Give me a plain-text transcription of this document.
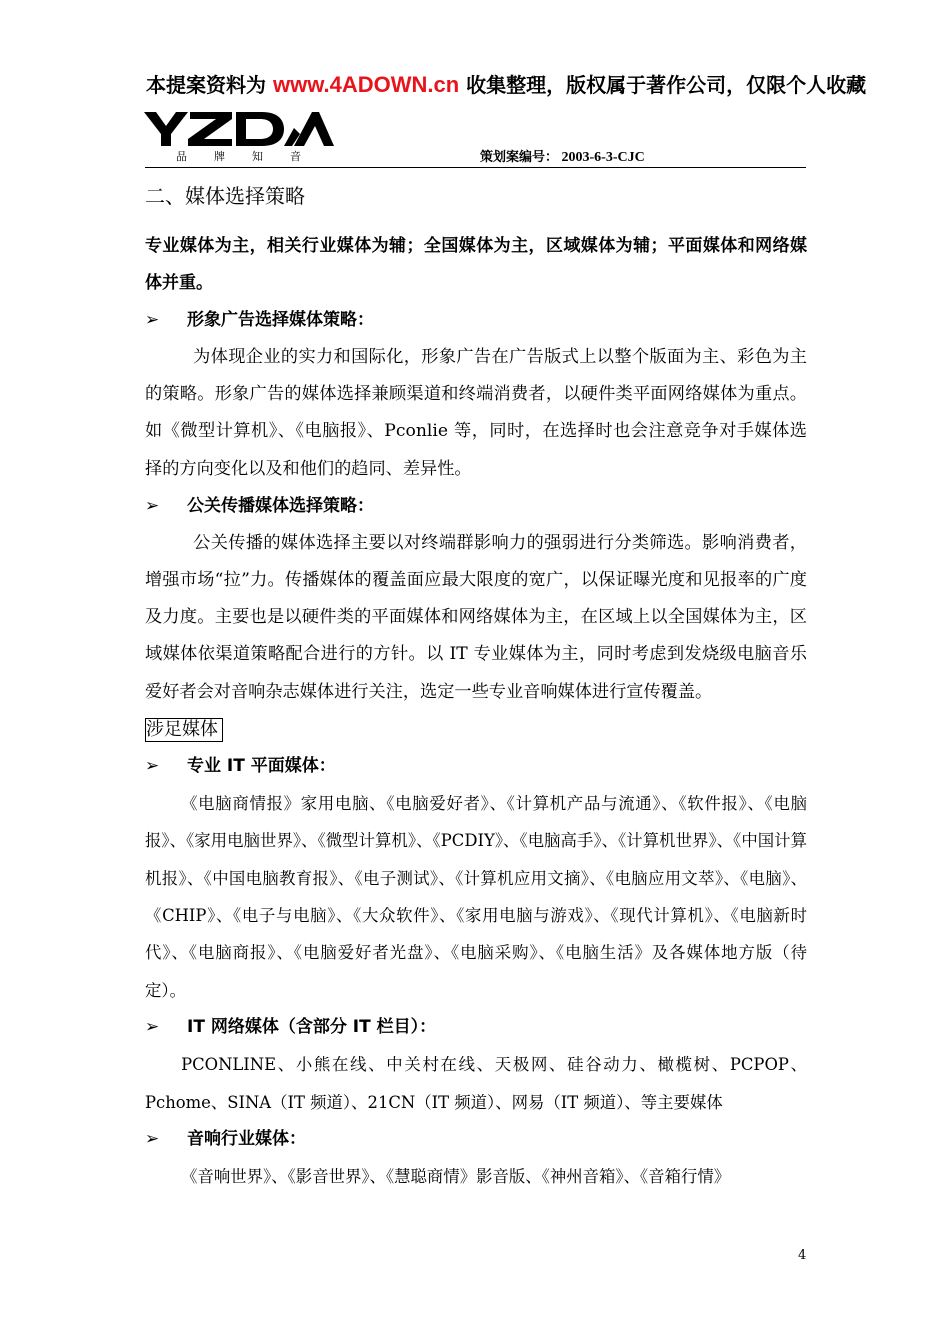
本提案资料为 www.4ADOWN.cn 收集整理，版权属于著作公司，仅限个人收藏
品牌知音	策划案编号： 2003-6-3-CJC
二、媒体选择策略

专业媒体为主，相关行业媒体为辅；全国媒体为主，区域媒体为辅；平面媒体和网络媒体并重。

➢ 形象广告选择媒体策略：

为体现企业的实力和国际化，形象广告在广告版式上以整个版面为主、彩色为主的策略。形象广告的媒体选择兼顾渠道和终端消费者，以硬件类平面网络媒体为重点。如《微型计算机》、《电脑报》、Pconlie 等，同时，在选择时也会注意竞争对手媒体选择的方向变化以及和他们的趋同、差异性。

➢ 公关传播媒体选择策略：

公关传播的媒体选择主要以对终端群影响力的强弱进行分类筛选。影响消费者，增强市场“拉”力。传播媒体的覆盖面应最大限度的宽广，以保证曝光度和见报率的广度及力度。主要也是以硬件类的平面媒体和网络媒体为主，在区域上以全国媒体为主，区域媒体依渠道策略配合进行的方针。以 IT 专业媒体为主，同时考虑到发烧级电脑音乐爱好者会对音响杂志媒体进行关注，选定一些专业音响媒体进行宣传覆盖。

涉足媒体
➢ 专业 IT 平面媒体：

《电脑商情报》家用电脑、《电脑爱好者》、《计算机产品与流通》、《软件报》、《电脑报》、《家用电脑世界》、《微型计算机》、《PCDIY》、《电脑高手》、《计算机世界》、《中国计算机报》、《中国电脑教育报》、《电子测试》、《计算机应用文摘》、《电脑应用文萃》、《电脑》、《CHIP》、《电子与电脑》、《大众软件》、《家用电脑与游戏》、《现代计算机》、《电脑新时代》、《电脑商报》、《电脑爱好者光盘》、《电脑采购》、《电脑生活》及各媒体地方版（待定）。

➢ IT 网络媒体（含部分 IT 栏目）：

PCONLINE、小熊在线、中关村在线、天极网、硅谷动力、橄榄树、PCPOP、Pchome、SINA（IT 频道）、21CN（IT 频道）、网易（IT 频道）、等主要媒体

➢ 音响行业媒体：

《音响世界》、《影音世界》、《慧聪商情》影音版、《神州音箱》、《音箱行情》

4
